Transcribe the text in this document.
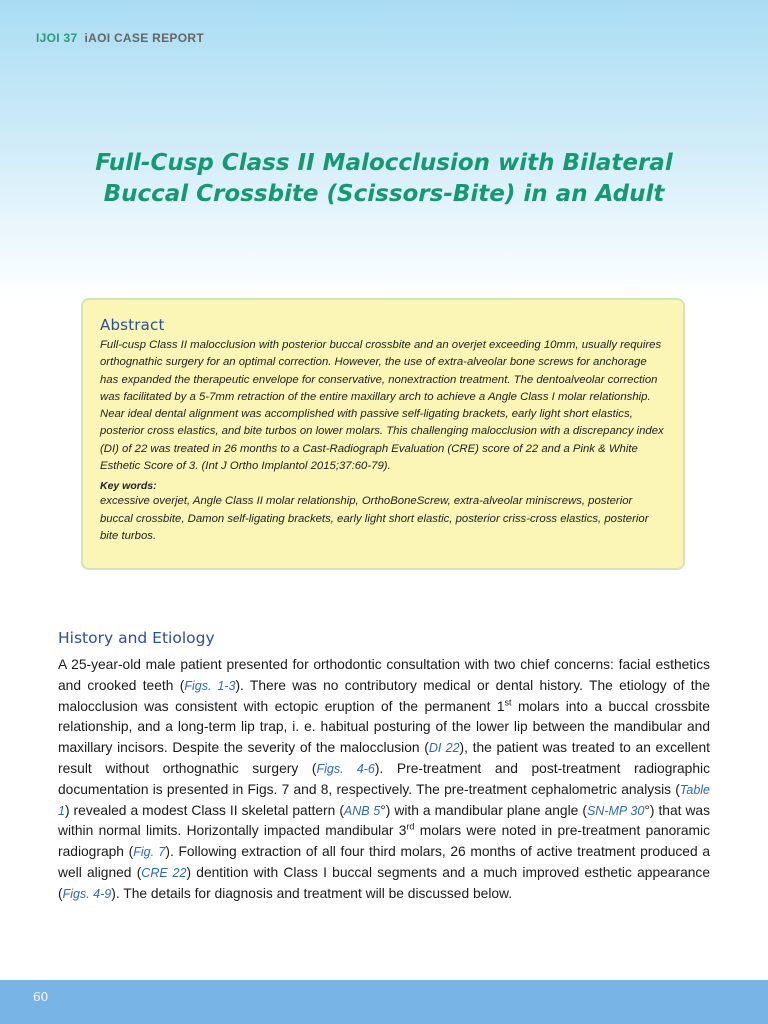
IJOI 37 iAOI CASE REPORT
Full-Cusp Class II Malocclusion with Bilateral
Buccal Crossbite (Scissors-Bite) in an Adult
Abstract

Full-cusp Class II malocclusion with posterior buccal crossbite and an overjet exceeding 10mm, usually requires orthognathic surgery for an optimal correction. However, the use of extra-alveolar bone screws for anchorage has expanded the therapeutic envelope for conservative, nonextraction treatment. The dentoalveolar correction was facilitated by a 5-7mm retraction of the entire maxillary arch to achieve a Angle Class I molar relationship. Near ideal dental alignment was accomplished with passive self-ligating brackets, early light short elastics, posterior cross elastics, and bite turbos on lower molars. This challenging malocclusion with a discrepancy index (DI) of 22 was treated in 26 months to a Cast-Radiograph Evaluation (CRE) score of 22 and a Pink & White Esthetic Score of 3. (Int J Ortho Implantol 2015;37:60-79).

Key words:

excessive overjet, Angle Class II molar relationship, OrthoBoneScrew, extra-alveolar miniscrews, posterior buccal crossbite, Damon self-ligating brackets, early light short elastic, posterior criss-cross elastics, posterior bite turbos.

History and Etiology

A 25-year-old male patient presented for orthodontic consultation with two chief concerns: facial esthetics and crooked teeth (Figs. 1-3). There was no contributory medical or dental history. The etiology of the malocclusion was consistent with ectopic eruption of the permanent 1st molars into a buccal crossbite relationship, and a long-term lip trap, i. e. habitual posturing of the lower lip between the mandibular and maxillary incisors. Despite the severity of the malocclusion (DI 22), the patient was treated to an excellent result without orthognathic surgery (Figs. 4-6). Pre-treatment and post-treatment radiographic documentation is presented in Figs. 7 and 8, respectively. The pre-treatment cephalometric analysis (Table 1) revealed a modest Class II skeletal pattern (ANB 5°) with a mandibular plane angle (SN-MP 30°) that was within normal limits. Horizontally impacted mandibular 3rd molars were noted in pre-treatment panoramic radiograph (Fig. 7). Following extraction of all four third molars, 26 months of active treatment produced a well aligned (CRE 22) dentition with Class I buccal segments and a much improved esthetic appearance (Figs. 4-9). The details for diagnosis and treatment will be discussed below.

60
